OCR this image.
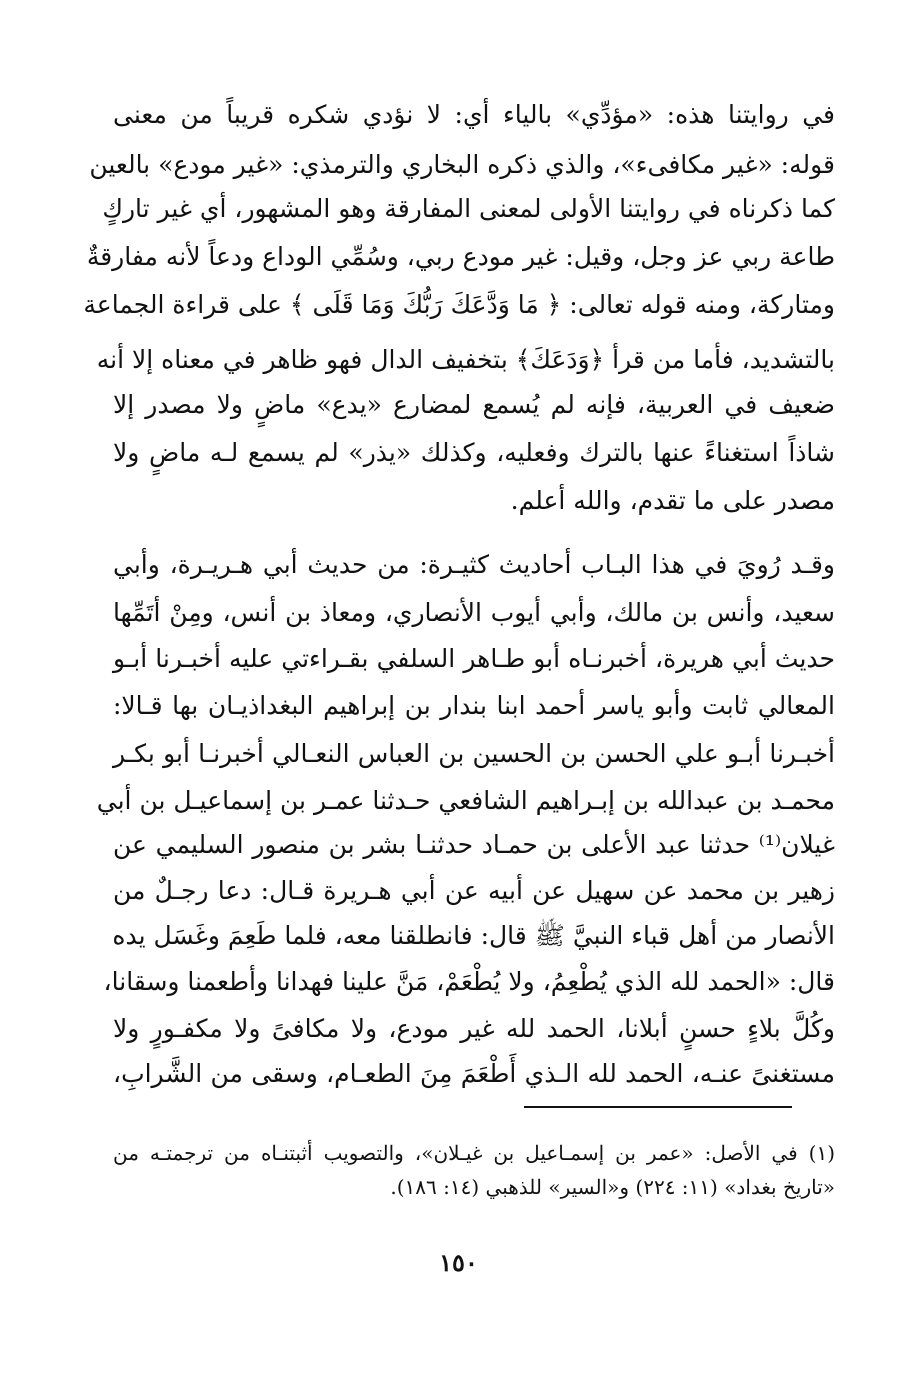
في روايتنا هذه: «مؤدِّي» بالياء أي: لا نؤدي شكره قريباً من معنى
قوله: «غير مكافىء»، والذي ذكره البخاري والترمذي: «غير مودع» بالعين
كما ذكرناه في روايتنا الأولى لمعنى المفارقة وهو المشهور، أي غير تاركٍ
طاعة ربي عز وجل، وقيل: غير مودع ربي، وسُمِّي الوداع ودعاً لأنه مفارقةٌ
ومتاركة، ومنه قوله تعالى: ﴿ مَا وَدَّعَكَ رَبُّكَ وَمَا قَلَى ﴾ على قراءة الجماعة
بالتشديد، فأما من قرأ ﴿وَدَعَكَ﴾ بتخفيف الدال فهو ظاهر في معناه إلا أنه
ضعيف في العربية، فإنه لم يُسمع لمضارع «يدع» ماضٍ ولا مصدر إلا
شاذاً استغناءً عنها بالترك وفعليه، وكذلك «يذر» لم يسمع لـه ماضٍ ولا
مصدر على ما تقدم، والله أعلم.
وقـد رُويَ في هذا البـاب أحاديث كثيـرة: من حديث أبي هـريـرة، وأبي
سعيد، وأنس بن مالك، وأبي أيوب الأنصاري، ومعاذ بن أنس، ومِنْ أتَمِّها
حديث أبي هريرة، أخبرنـاه أبو طـاهر السلفي بقـراءتي عليه أخبـرنا أبـو
المعالي ثابت وأبو ياسر أحمد ابنا بندار بن إبراهيم البغداذيـان بها قـالا:
أخبـرنا أبـو علي الحسن بن الحسين بن العباس النعـالي أخبرنـا أبو بكـر
محمـد بن عبدالله بن إبـراهيم الشافعي حـدثنا عمـر بن إسماعيـل بن أبي
غيلان⁽¹⁾ حدثنا عبد الأعلى بن حمـاد حدثنـا بشر بن منصور السليمي عن
زهير بن محمد عن سهيل عن أبيه عن أبي هـريرة قـال: دعا رجـلٌ من
الأنصار من أهل قباء النبيَّ ﷺ قال: فانطلقنا معه، فلما طَعِمَ وغَسَل يده
قال: «الحمد لله الذي يُطْعِمُ، ولا يُطْعَمْ، مَنَّ علينا فهدانا وأطعمنا وسقانا،
وكُلَّ بلاءٍ حسنٍ أبلانا، الحمد لله غير مودع، ولا مكافىً ولا مكفـورٍ ولا
مستغنىً عنـه، الحمد لله الـذي أَطْعَمَ مِنَ الطعـام، وسقى من الشَّرابِ،
(١) في الأصل: «عمر بن إسمـاعيل بن غيـلان»، والتصويب أثبتنـاه من ترجمتـه من
«تاريخ بغداد» (١١: ٢٢٤) و«السير» للذهبي (١٤: ١٨٦).
١٥٠
